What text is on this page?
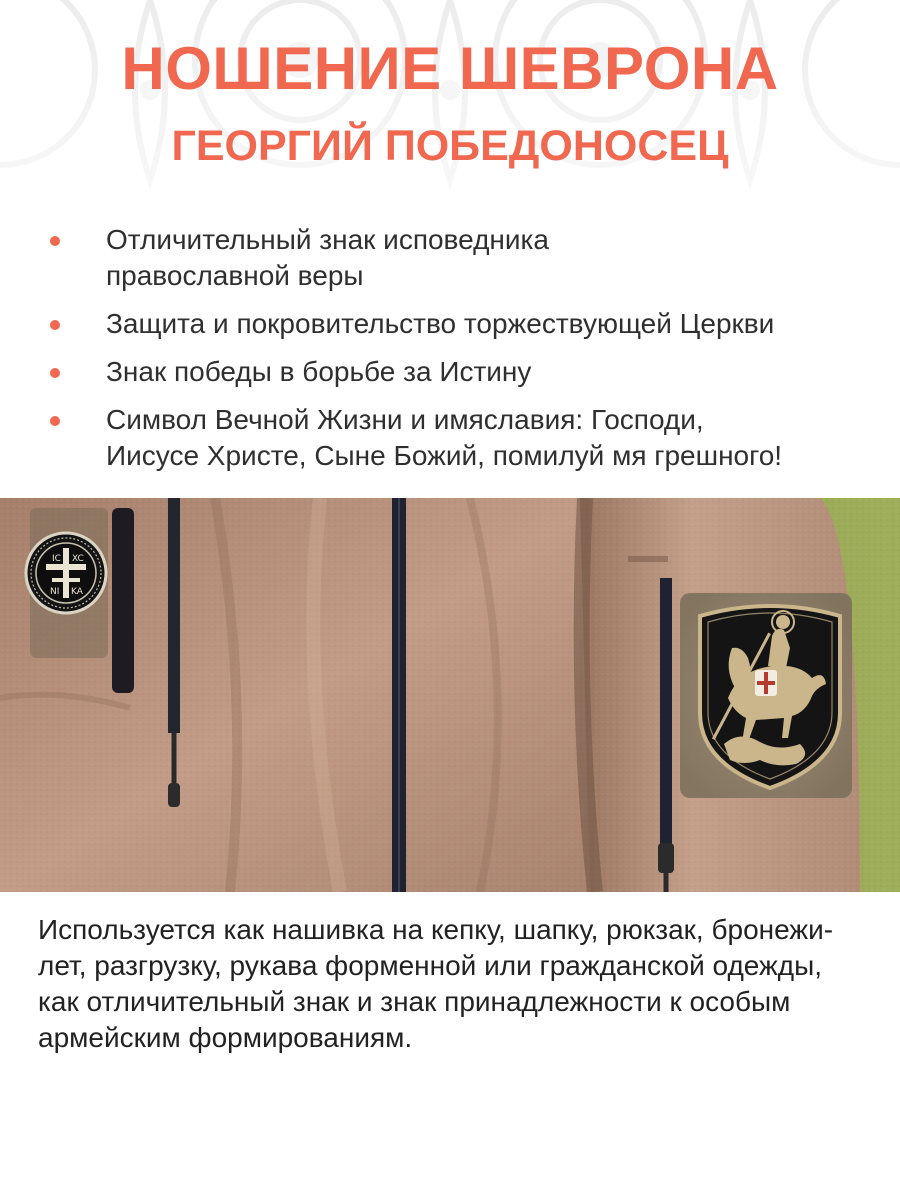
НОШЕНИЕ ШЕВРОНА
ГЕОРГИЙ ПОБЕДОНОСЕЦ
Отличительный знак исповедника
православной веры
Защита и покровительство торжествующей Церкви
Знак победы в борьбе за Истину
Символ Вечной Жизни и имяславия: Господи,
Иисусе Христе, Сыне Божий, помилуй мя грешного!
IC XC
NI KA
Используется как нашивка на кепку, шапку, рюкзак, бронежи-
лет, разгрузку, рукава форменной или гражданской одежды,
как отличительный знак и знак принадлежности к особым
армейским формированиям.
